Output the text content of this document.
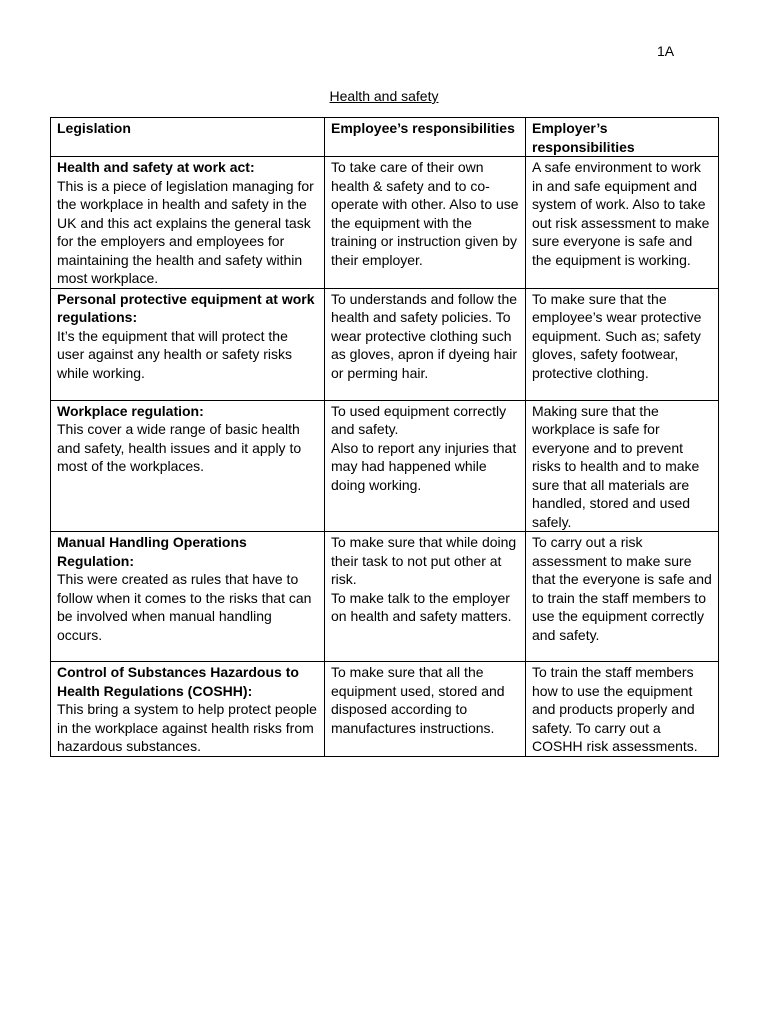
1A
Health and safety
Legislation	Employee’s responsibilities	Employer’s responsibilities

Health and safety at work act:
This is a piece of legislation managing for the workplace in health and safety in the UK and this act explains the general task for the employers and employees for maintaining the health and safety within most workplace.	To take care of their own health & safety and to co-operate with other. Also to use the equipment with the training or instruction given by their employer.	A safe environment to work in and safe equipment and system of work. Also to take out risk assessment to make sure everyone is safe and the equipment is working.

Personal protective equipment at work regulations:
It’s the equipment that will protect the user against any health or safety risks while working.	To understands and follow the health and safety policies. To wear protective clothing such as gloves, apron if dyeing hair or perming hair.	To make sure that the employee’s wear protective equipment. Such as; safety gloves, safety footwear, protective clothing.

Workplace regulation:
This cover a wide range of basic health and safety, health issues and it apply to most of the workplaces.	To used equipment correctly and safety.
Also to report any injuries that may had happened while doing working.	Making sure that the workplace is safe for everyone and to prevent risks to health and to make sure that all materials are handled, stored and used safely.

Manual Handling Operations Regulation:
This were created as rules that have to follow when it comes to the risks that can be involved when manual handling occurs.	To make sure that while doing their task to not put other at risk.
To make talk to the employer on health and safety matters.	To carry out a risk assessment to make sure that the everyone is safe and to train the staff members to use the equipment correctly and safety.

Control of Substances Hazardous to Health Regulations (COSHH):
This bring a system to help protect people in the workplace against health risks from hazardous substances.	To make sure that all the equipment used, stored and disposed according to manufactures instructions.	To train the staff members how to use the equipment and products properly and safety. To carry out a COSHH risk assessments.
